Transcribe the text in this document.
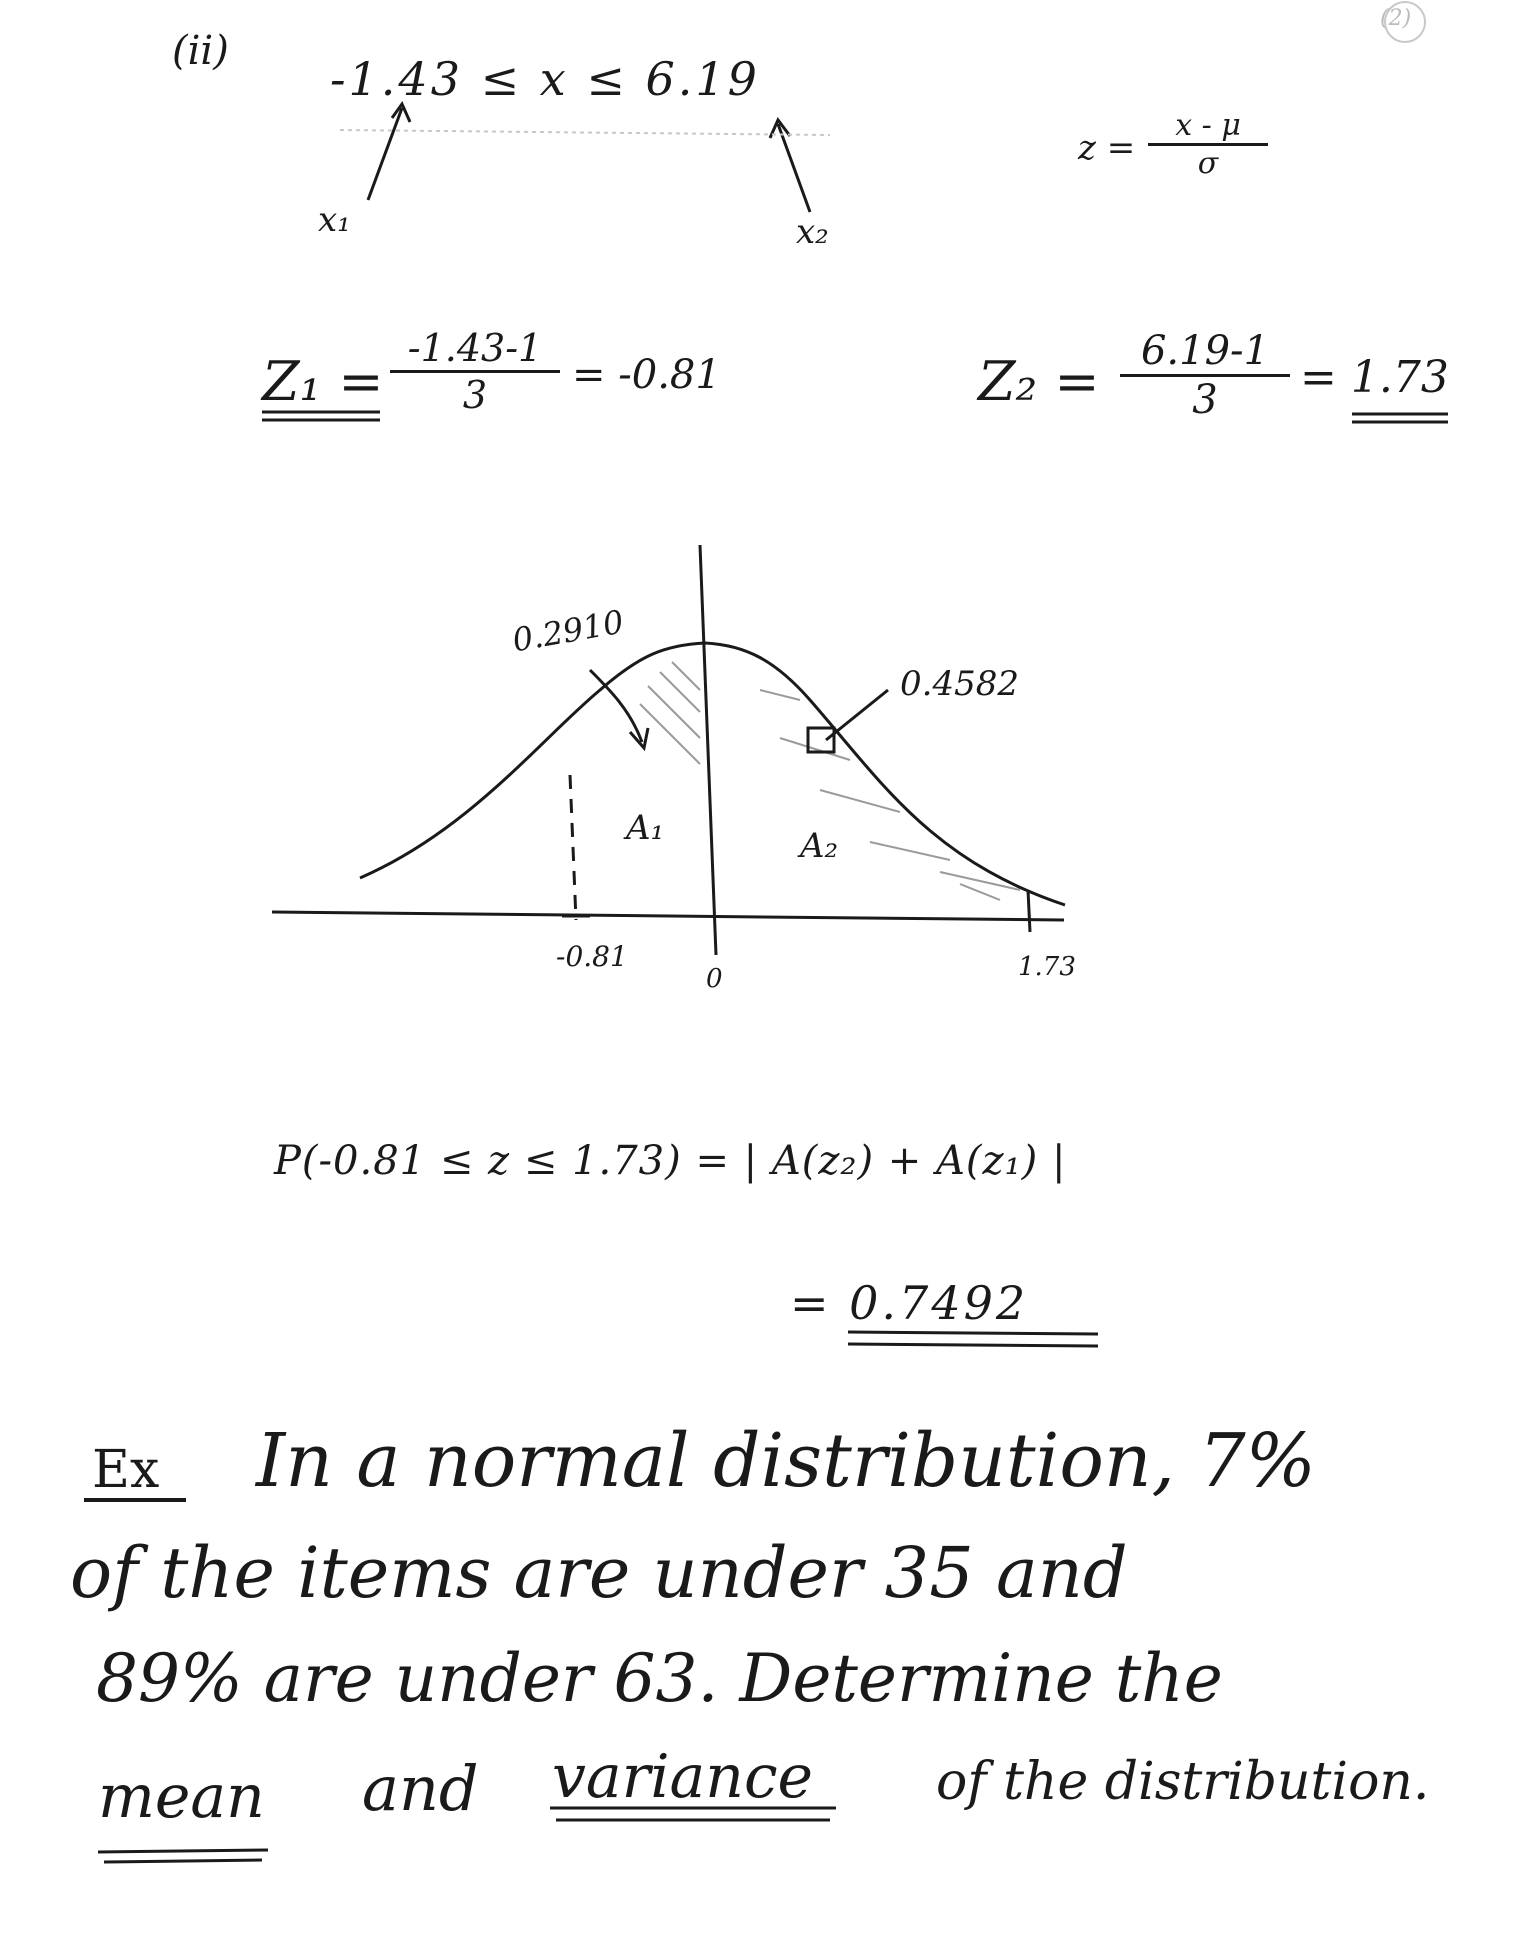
(2)
(ii)
-1.43 ≤ x ≤ 6.19
x₁	x₂
$z = \frac{x - \mu}{\sigma}$
$Z_1 = \frac{-1.43-1}{3} = -0.81$	$Z_2 = \frac{6.19-1}{3} = 1.73$
0.2910
0.4582
A₁	A₂
-0.81
0	1.73
P(-0.81 ≤ z ≤ 1.73) = | A(z₂) + A(z₁) |
= 0.7492
Ex In a normal distribution, 7%
of the items are under 35 and
89% are under 63. Determine the
mean and variance of the distribution.
